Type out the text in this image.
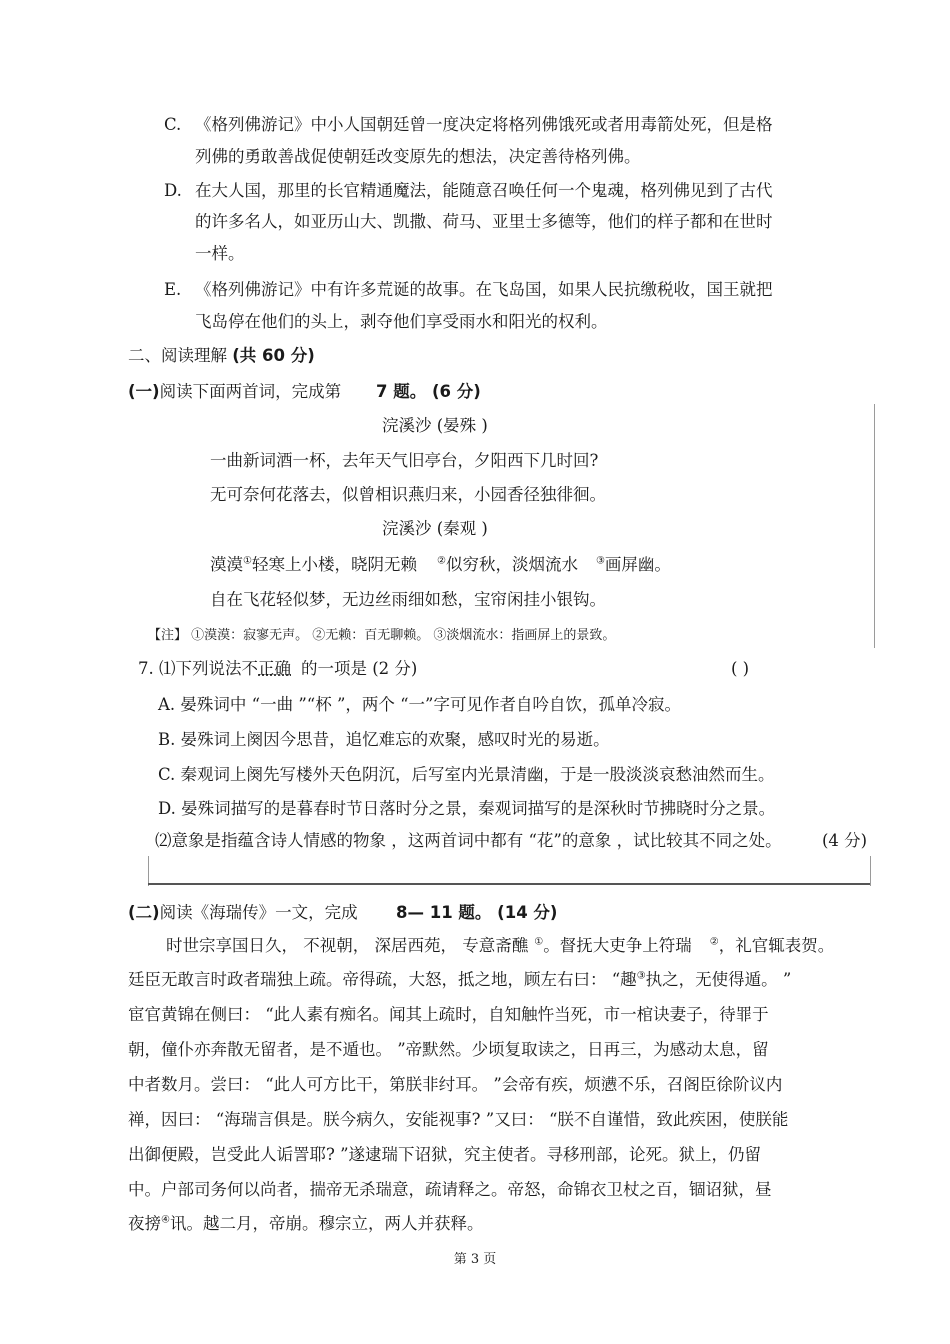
C. 《格列佛游记》中小人国朝廷曾一度决定将格列佛饿死或者用毒箭处死，但是格
列佛的勇敢善战促使朝廷改变原先的想法，决定善待格列佛。
D. 在大人国，那里的长官精通魔法，能随意召唤任何一个鬼魂，格列佛见到了古代
的许多名人，如亚历山大、凯撒、荷马、亚里士多德等，他们的样子都和在世时
一样。
E. 《格列佛游记》中有许多荒诞的故事。在飞岛国，如果人民抗缴税收，国王就把
飞岛停在他们的头上，剥夺他们享受雨水和阳光的权利。
二、阅读理解 (共 60 分)
(一)阅读下面两首词，完成第 7 题。 (6 分)
浣溪沙 (晏殊 )
一曲新词酒一杯，去年天气旧亭台，夕阳西下几时回?
无可奈何花落去，似曾相识燕归来，小园香径独徘徊。
浣溪沙 (秦观 )
漠漠①轻寒上小楼，晓阴无赖 ②似穷秋，淡烟流水 ③画屏幽。
自在飞花轻似梦，无边丝雨细如愁，宝帘闲挂小银钩。
【注】 ①漠漠：寂寥无声。 ②无赖：百无聊赖。 ③淡烟流水：指画屏上的景致。
7. ⑴下列说法不正确 的一项是 (2 分)	( )
A. 晏殊词中 “一曲 ”“杯 ”，两个 “一”字可见作者自吟自饮，孤单冷寂。
B. 晏殊词上阕因今思昔，追忆难忘的欢聚，感叹时光的易逝。
C. 秦观词上阕先写楼外天色阴沉，后写室内光景清幽，于是一股淡淡哀愁油然而生。
D. 晏殊词描写的是暮春时节日落时分之景，秦观词描写的是深秋时节拂晓时分之景。
⑵意象是指蕴含诗人情感的物象 ，这两首词中都有 “花”的意象 ，试比较其不同之处。 (4 分)
(二)阅读《海瑞传》一文，完成 8— 11 题。 (14 分)
时世宗享国日久， 不视朝， 深居西苑， 专意斋醮 ①。督抚大吏争上符瑞 ②，礼官辄表贺。
廷臣无敢言时政者瑞独上疏。帝得疏，大怒，抵之地，顾左右曰： “趣③执之，无使得遁。 ”
宦官黄锦在侧曰： “此人素有痴名。闻其上疏时，自知触忤当死，市一棺诀妻子，待罪于
朝，僮仆亦奔散无留者，是不遁也。 ”帝默然。少顷复取读之，日再三，为感动太息，留
中者数月。尝曰： “此人可方比干，第朕非纣耳。 ”会帝有疾，烦懑不乐，召阁臣徐阶议内
禅，因曰： “海瑞言俱是。朕今病久，安能视事? ”又曰： “朕不自谨惜，致此疾困，使朕能
出御便殿，岂受此人诟詈耶? ”遂逮瑞下诏狱，究主使者。寻移刑部，论死。狱上，仍留
中。户部司务何以尚者，揣帝无杀瑞意，疏请释之。帝怒，命锦衣卫杖之百，锢诏狱，昼
夜搒④讯。越二月，帝崩。穆宗立，两人并获释。
第 3 页
